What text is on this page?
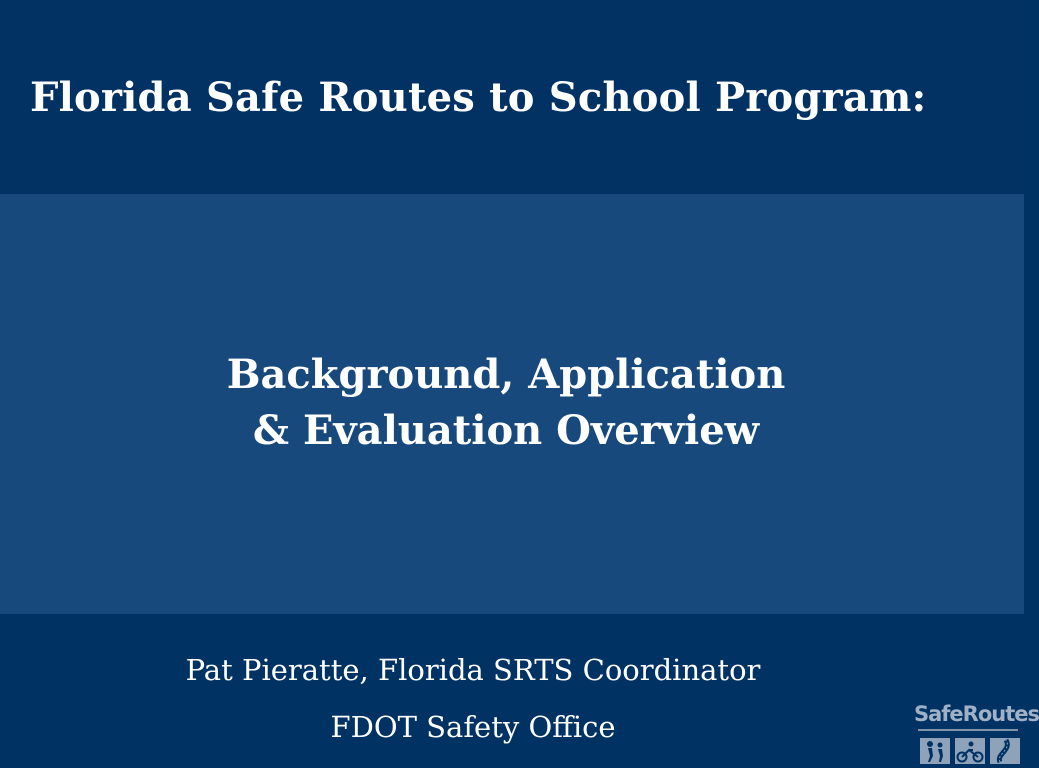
Florida Safe Routes to School Program:
Background, Application
& Evaluation Overview
Pat Pieratte, Florida SRTS Coordinator
FDOT Safety Office	SafeRoutes
